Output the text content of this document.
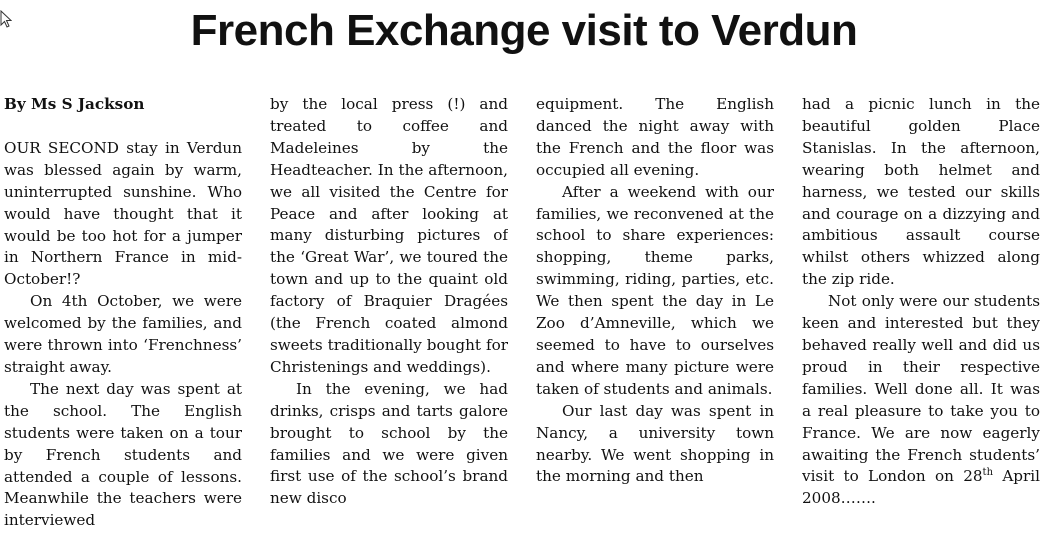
French Exchange visit to Verdun

By Ms S Jackson

OUR SECOND stay in Verdun was blessed again by warm, uninterrupted sunshine. Who would have thought that it would be too hot for a jumper in Northern France in mid-October!?

On 4th October, we were welcomed by the families, and were thrown into ‘Frenchness’ straight away.

The next day was spent at the school. The English students were taken on a tour by French students and attended a couple of lessons. Meanwhile the teachers were interviewed

by the local press (!) and treated to coffee and Madeleines by the Headteacher. In the afternoon, we all visited the Centre for Peace and after looking at many disturbing pictures of the ‘Great War’, we toured the town and up to the quaint old factory of Braquier Dragées (the French coated almond sweets traditionally bought for Christenings and weddings).

In the evening, we had drinks, crisps and tarts galore brought to school by the families and we were given first use of the school’s brand new disco

equipment. The English danced the night away with the French and the floor was occupied all evening.

After a weekend with our families, we reconvened at the school to share experiences: shopping, theme parks, swimming, riding, parties, etc. We then spent the day in Le Zoo d’Amneville, which we seemed to have to ourselves and where many picture were taken of students and animals.

Our last day was spent in Nancy, a university town nearby. We went shopping in the morning and then

had a picnic lunch in the beautiful golden Place Stanislas. In the afternoon, wearing both helmet and harness, we tested our skills and courage on a dizzying and ambitious assault course whilst others whizzed along the zip ride.

Not only were our students keen and interested but they behaved really well and did us proud in their respective families. Well done all. It was a real pleasure to take you to France. We are now eagerly awaiting the French students’ visit to London on 28th April 2008…….
